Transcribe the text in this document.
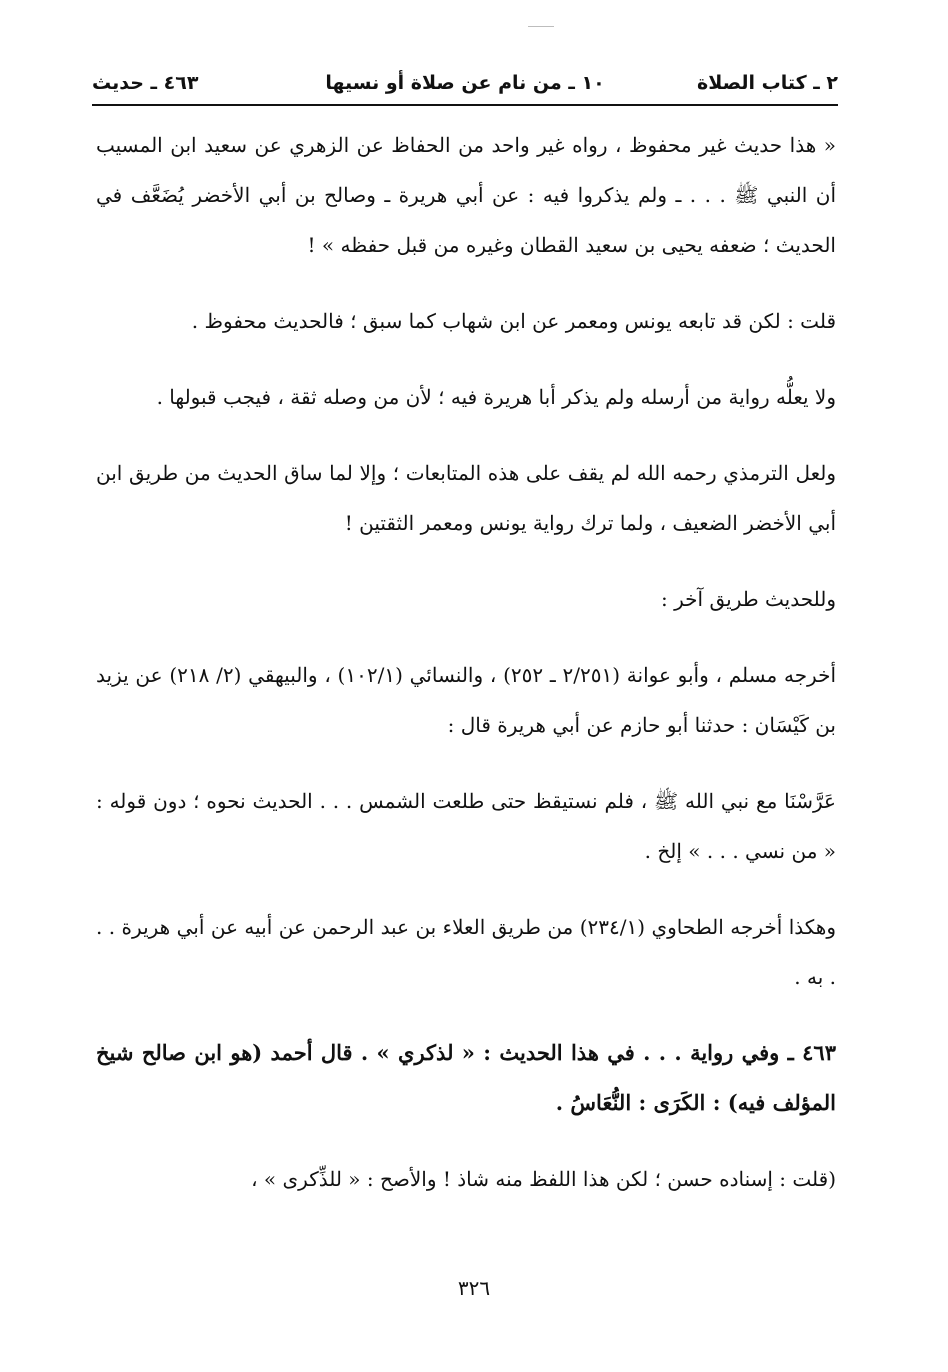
٢ ـ كتاب الصلاة
١٠ ـ من نام عن صلاة أو نسيها
٤٦٣ ـ حديث

« هذا حديث غير محفوظ ، رواه غير واحد من الحفاظ عن الزهري عن سعيد ابن المسيب أن النبي ﷺ . . . ـ ولم يذكروا فيه : عن أبي هريرة ـ وصالح بن أبي الأخضر يُضَعَّف في الحديث ؛ ضعفه يحيى بن سعيد القطان وغيره من قبل حفظه » !

قلت : لكن قد تابعه يونس ومعمر عن ابن شهاب كما سبق ؛ فالحديث محفوظ .

ولا يعلُّه رواية من أرسله ولم يذكر أبا هريرة فيه ؛ لأن من وصله ثقة ، فيجب قبولها .

ولعل الترمذي رحمه الله لم يقف على هذه المتابعات ؛ وإلا لما ساق الحديث من طريق ابن أبي الأخضر الضعيف ، ولما ترك رواية يونس ومعمر الثقتين !

وللحديث طريق آخر :

أخرجه مسلم ، وأبو عوانة (٢/٢٥١ ـ ٢٥٢) ، والنسائي (١٠٢/١) ، والبيهقي (٢/ ٢١٨) عن يزيد بن كَيْسَان : حدثنا أبو حازم عن أبي هريرة قال :

عَرَّسْنَا مع نبي الله ﷺ ، فلم نستيقظ حتى طلعت الشمس . . . الحديث نحوه ؛ دون قوله : « من نسي . . . » إلخ .

وهكذا أخرجه الطحاوي (٢٣٤/١) من طريق العلاء بن عبد الرحمن عن أبيه عن أبي هريرة . . . به .

٤٦٣ ـ وفي رواية . . . في هذا الحديث : « لذكري » . قال أحمد (هو ابن صالح شيخ المؤلف فيه) : الكَرَى : النُّعَاسُ .

(قلت : إسناده حسن ؛ لكن هذا اللفظ منه شاذ ! والأصح : « للذِّكرى » ،

٣٢٦
